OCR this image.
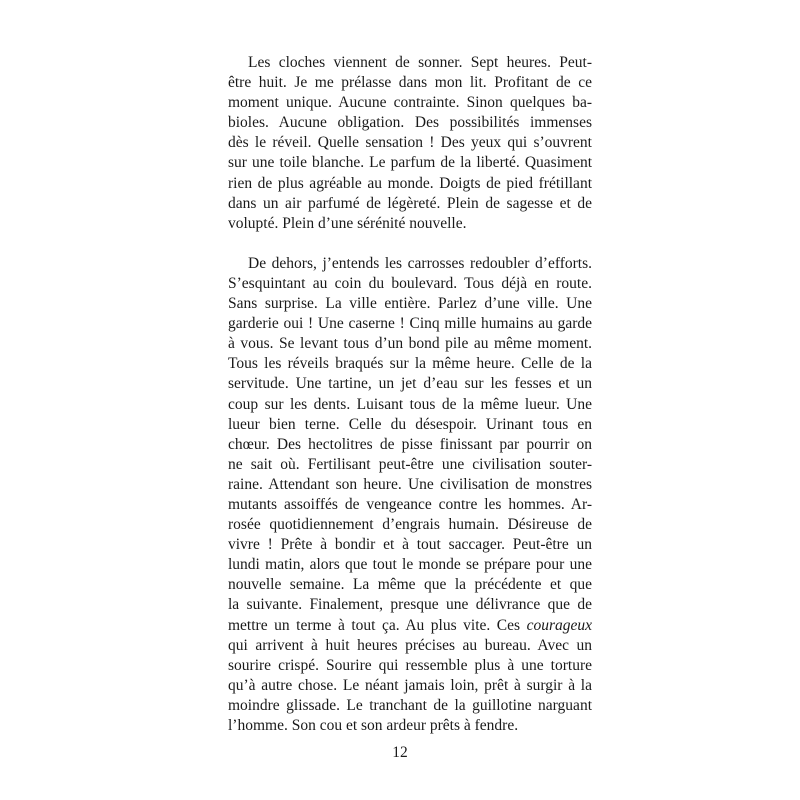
Les cloches viennent de sonner. Sept heures. Peut-
être huit. Je me prélasse dans mon lit. Profitant de ce
moment unique. Aucune contrainte. Sinon quelques ba-
bioles. Aucune obligation. Des possibilités immenses
dès le réveil. Quelle sensation ! Des yeux qui s’ouvrent
sur une toile blanche. Le parfum de la liberté. Quasiment
rien de plus agréable au monde. Doigts de pied frétillant
dans un air parfumé de légèreté. Plein de sagesse et de
volupté. Plein d’une sérénité nouvelle.

De dehors, j’entends les carrosses redoubler d’efforts.
S’esquintant au coin du boulevard. Tous déjà en route.
Sans surprise. La ville entière. Parlez d’une ville. Une
garderie oui ! Une caserne ! Cinq mille humains au garde
à vous. Se levant tous d’un bond pile au même moment.
Tous les réveils braqués sur la même heure. Celle de la
servitude. Une tartine, un jet d’eau sur les fesses et un
coup sur les dents. Luisant tous de la même lueur. Une
lueur bien terne. Celle du désespoir. Urinant tous en
chœur. Des hectolitres de pisse finissant par pourrir on
ne sait où. Fertilisant peut-être une civilisation souter-
raine. Attendant son heure. Une civilisation de monstres
mutants assoiffés de vengeance contre les hommes. Ar-
rosée quotidiennement d’engrais humain. Désireuse de
vivre ! Prête à bondir et à tout saccager. Peut-être un
lundi matin, alors que tout le monde se prépare pour une
nouvelle semaine. La même que la précédente et que
la suivante. Finalement, presque une délivrance que de
mettre un terme à tout ça. Au plus vite. Ces courageux
qui arrivent à huit heures précises au bureau. Avec un
sourire crispé. Sourire qui ressemble plus à une torture
qu’à autre chose. Le néant jamais loin, prêt à surgir à la
moindre glissade. Le tranchant de la guillotine narguant
l’homme. Son cou et son ardeur prêts à fendre.

12
